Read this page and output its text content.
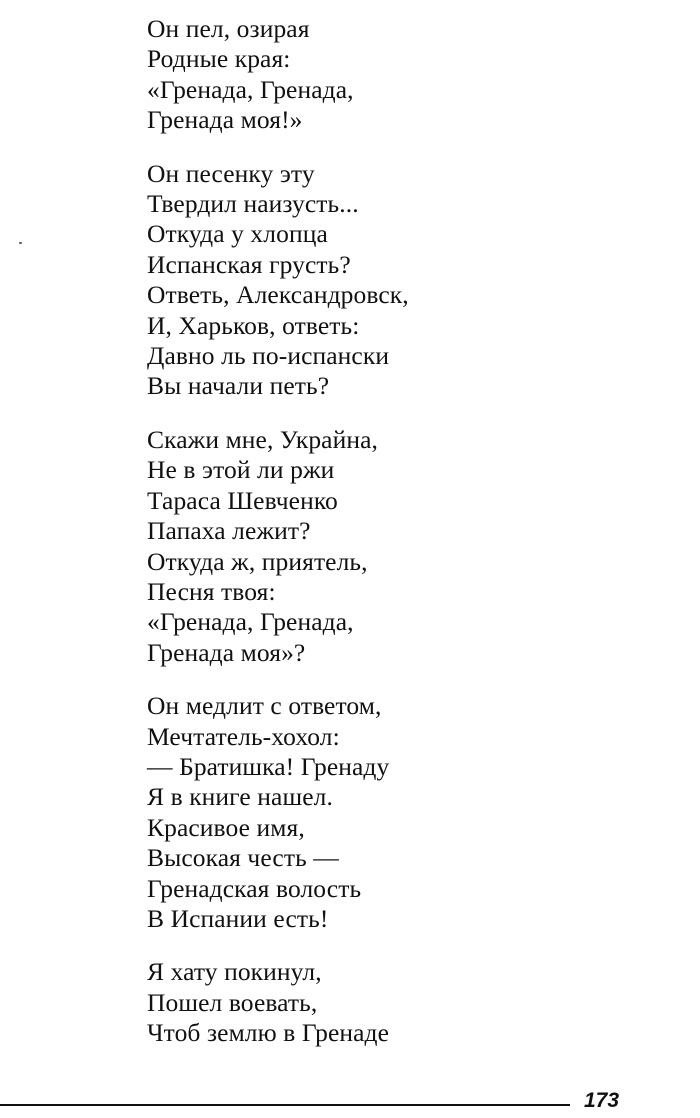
Он пел, озирая
Родные края:
«Гренада, Гренада,
Гренада моя!»
Он песенку эту
Твердил наизусть...
Откуда у хлопца
Испанская грусть?
Ответь, Александровск,
И, Харьков, ответь:
Давно ль по-испански
Вы начали петь?
Скажи мне, Украйна,
Не в этой ли ржи
Тараса Шевченко
Папаха лежит?
Откуда ж, приятель,
Песня твоя:
«Гренада, Гренада,
Гренада моя»?
Он медлит с ответом,
Мечтатель-хохол:
— Братишка! Гренаду
Я в книге нашел.
Красивое имя,
Высокая честь —
Гренадская волость
В Испании есть!
Я хату покинул,
Пошел воевать,
Чтоб землю в Гренаде
173
